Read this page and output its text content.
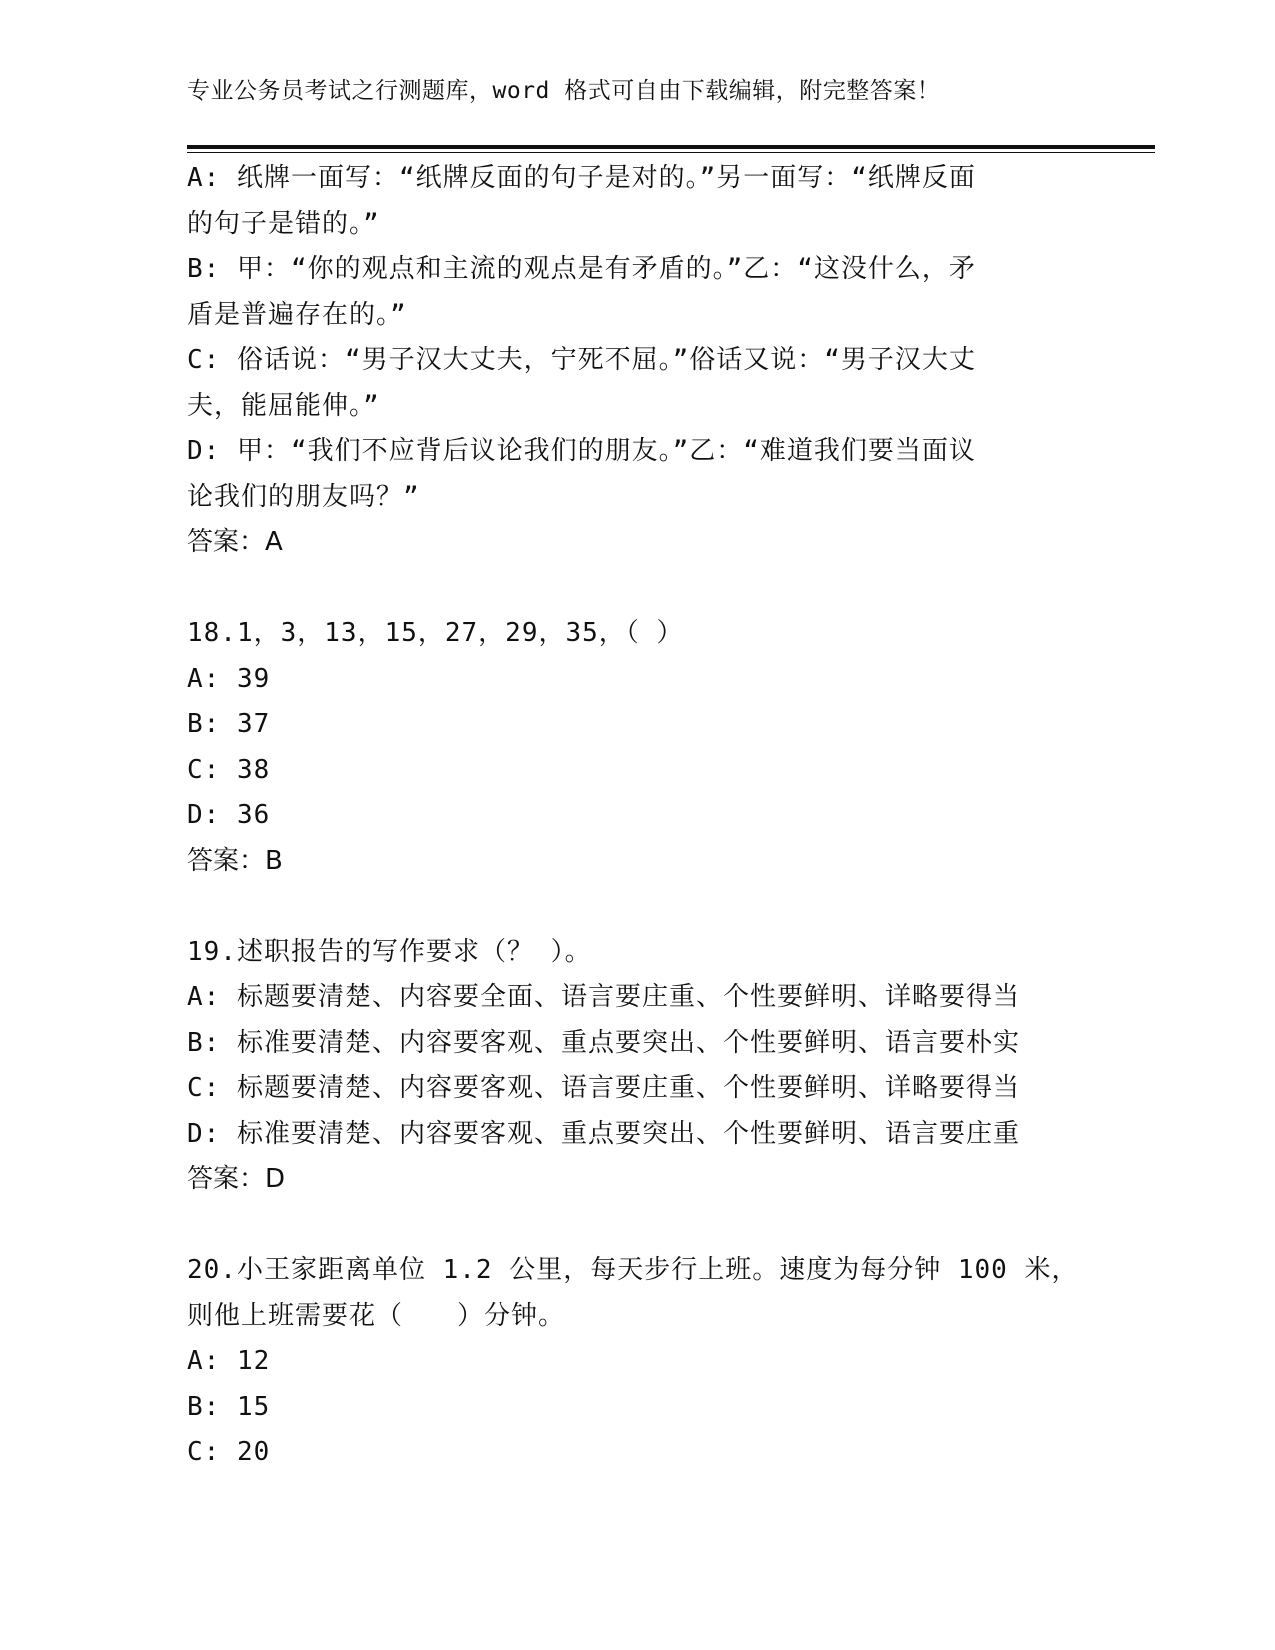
专业公务员考试之行测题库，word 格式可自由下载编辑，附完整答案！
A: 纸牌一面写：“纸牌反面的句子是对的。”另一面写：“纸牌反面
的句子是错的。”
B: 甲：“你的观点和主流的观点是有矛盾的。”乙：“这没什么，矛
盾是普遍存在的。”
C: 俗话说：“男子汉大丈夫，宁死不屈。”俗话又说：“男子汉大丈
夫，能屈能伸。”
D: 甲：“我们不应背后议论我们的朋友。”乙：“难道我们要当面议
论我们的朋友吗？”
答案：A
18.1，3，13，15，27，29，35，（ ）
A: 39
B: 37
C: 38
D: 36
答案：B
19.述职报告的写作要求（？ ）。
A: 标题要清楚、内容要全面、语言要庄重、个性要鲜明、详略要得当
B: 标准要清楚、内容要客观、重点要突出、个性要鲜明、语言要朴实
C: 标题要清楚、内容要客观、语言要庄重、个性要鲜明、详略要得当
D: 标准要清楚、内容要客观、重点要突出、个性要鲜明、语言要庄重
答案：D
20.小王家距离单位 1.2 公里，每天步行上班。速度为每分钟 100 米，
则他上班需要花（　　）分钟。
A: 12
B: 15
C: 20
